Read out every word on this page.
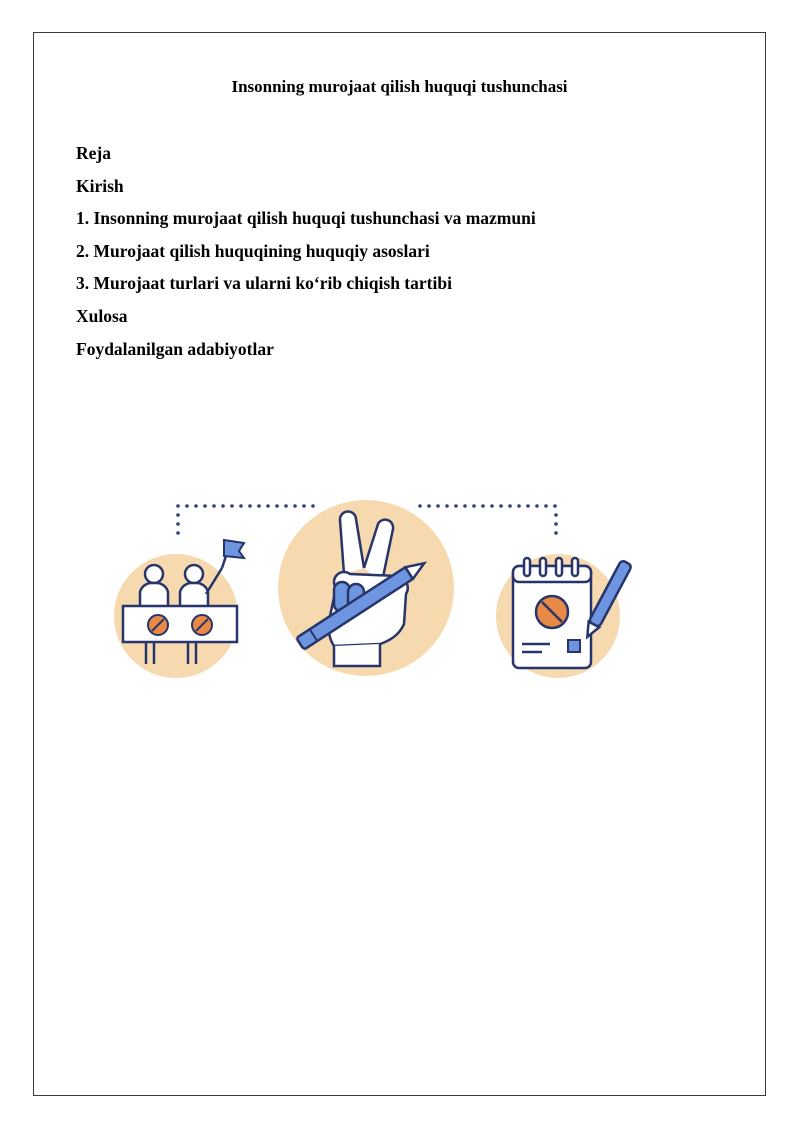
Insonning murojaat qilish huquqi tushunchasi
Reja
Kirish
1. Insonning murojaat qilish huquqi tushunchasi va mazmuni
2. Murojaat qilish huquqining huquqiy asoslari
3. Murojaat turlari va ularni ko‘rib chiqish tartibi
Xulosa
Foydalanilgan adabiyotlar
